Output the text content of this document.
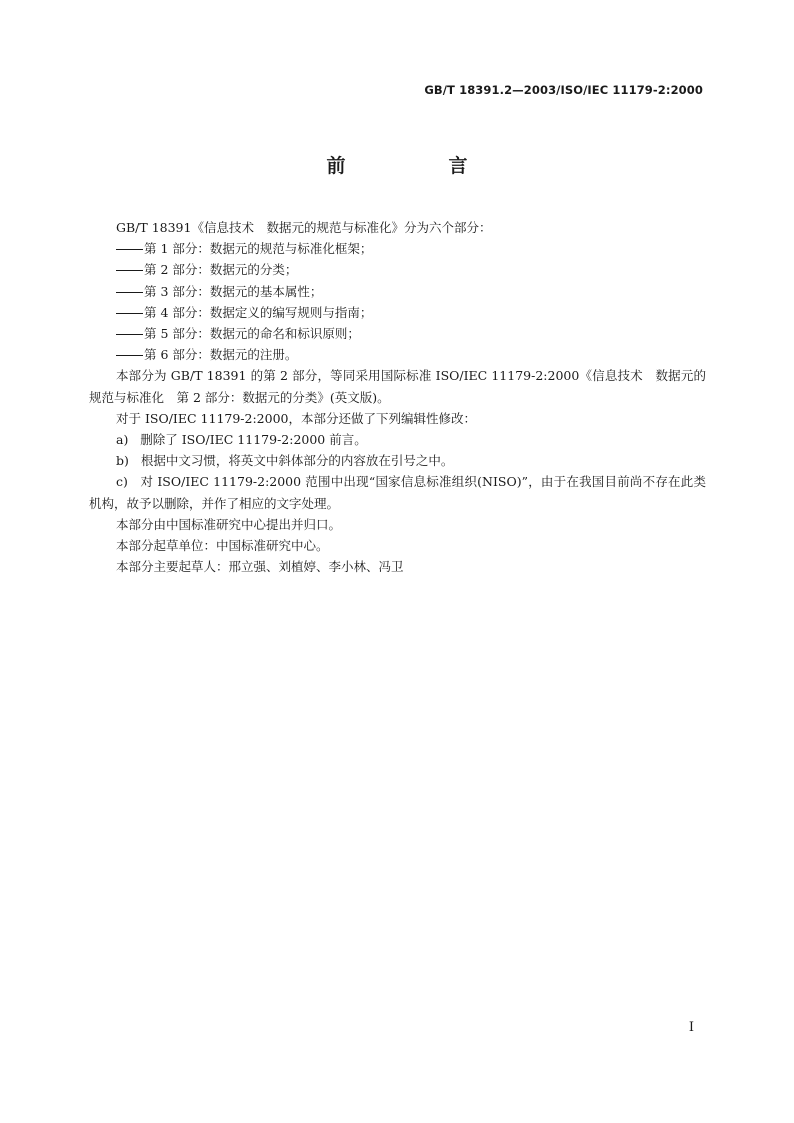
GB/T 18391.2—2003/ISO/IEC 11179-2:2000

前　言

GB/T 18391《信息技术　数据元的规范与标准化》分为六个部分：

第 1 部分：数据元的规范与标准化框架；

第 2 部分：数据元的分类；

第 3 部分：数据元的基本属性；

第 4 部分：数据定义的编写规则与指南；

第 5 部分：数据元的命名和标识原则；

第 6 部分：数据元的注册。

本部分为 GB/T 18391 的第 2 部分，等同采用国际标准 ISO/IEC 11179-2:2000《信息技术　数据元的规范与标准化　第 2 部分：数据元的分类》(英文版)。

对于 ISO/IEC 11179-2:2000，本部分还做了下列编辑性修改：

a) 删除了 ISO/IEC 11179-2:2000 前言。

b) 根据中文习惯，将英文中斜体部分的内容放在引号之中。

c) 对 ISO/IEC 11179-2:2000 范围中出现“国家信息标准组织(NISO)”，由于在我国目前尚不存在此类机构，故予以删除，并作了相应的文字处理。

本部分由中国标准研究中心提出并归口。

本部分起草单位：中国标准研究中心。

本部分主要起草人：邢立强、刘植婷、李小林、冯卫

I
